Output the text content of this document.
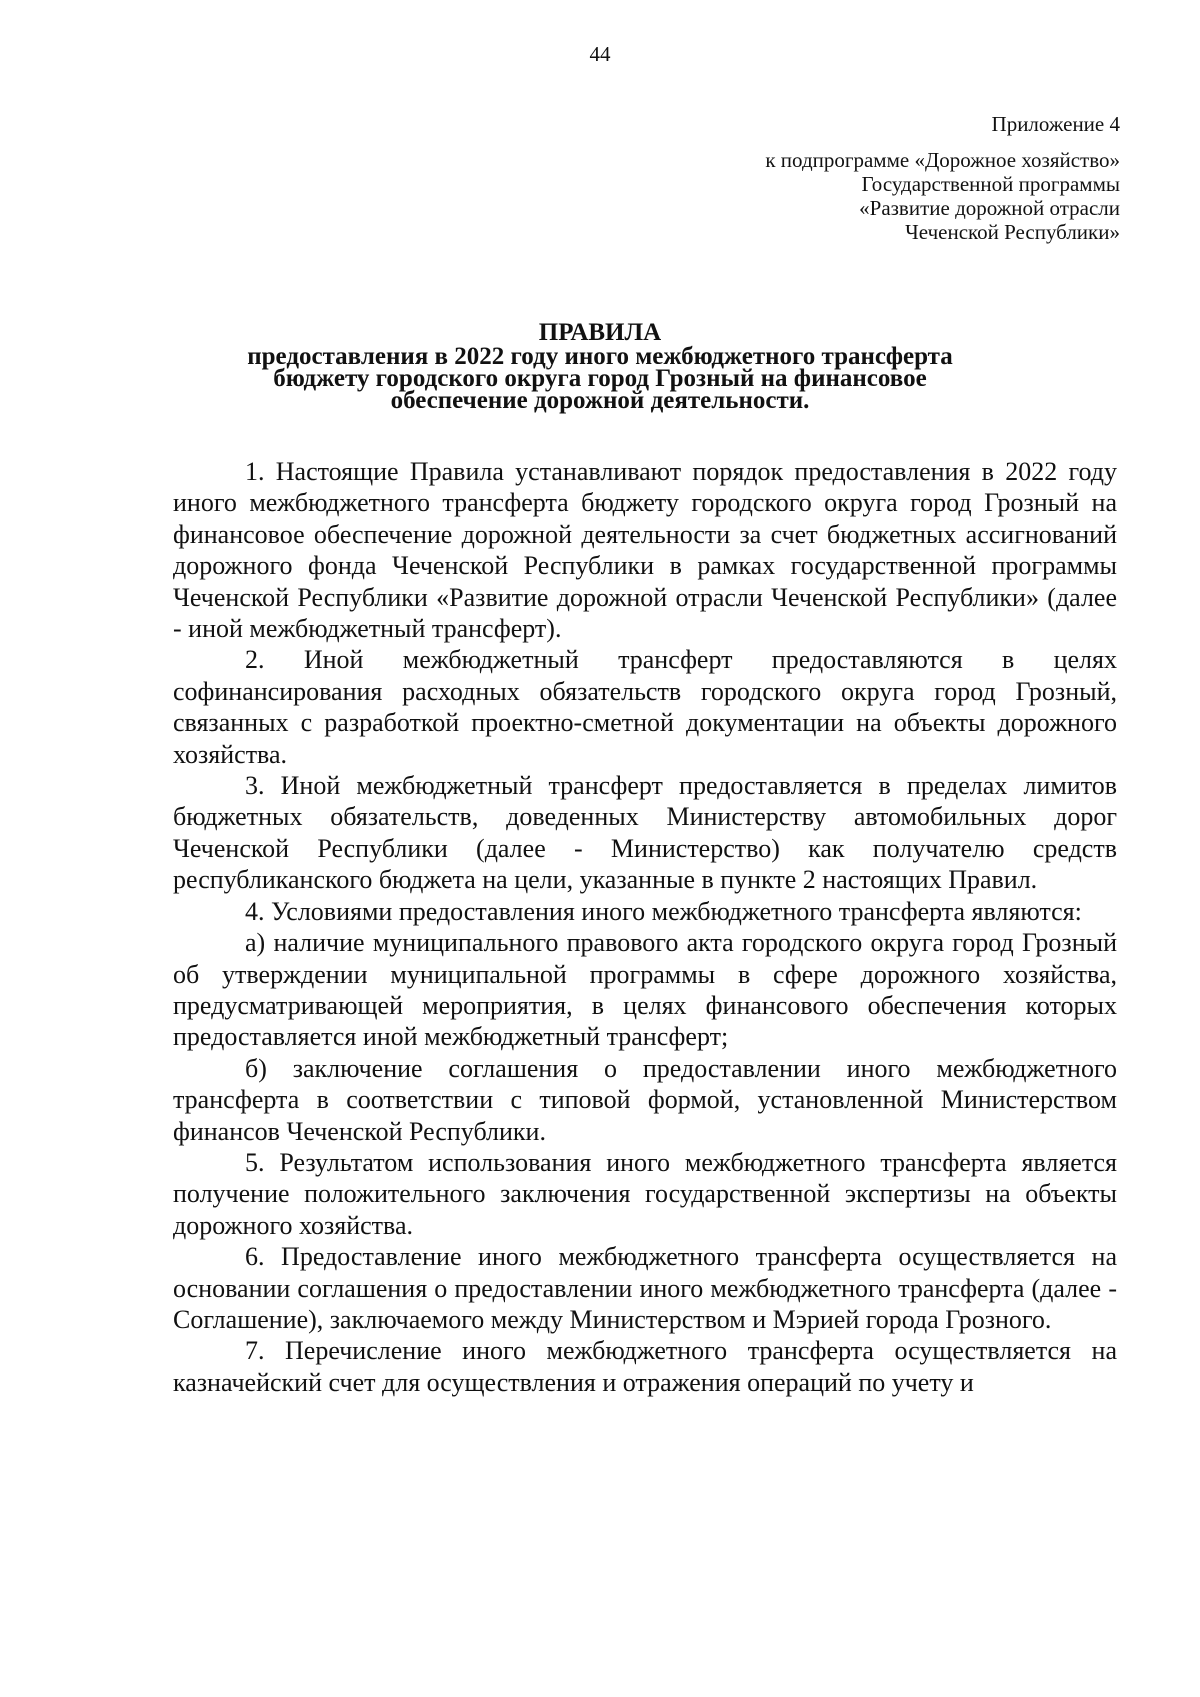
44
Приложение 4
к подпрограмме «Дорожное хозяйство»
Государственной программы
«Развитие дорожной отрасли
Чеченской Республики»
ПРАВИЛА
предоставления в 2022 году иного межбюджетного трансферта
бюджету городского округа город Грозный на финансовое
обеспечение дорожной деятельности.

1. Настоящие Правила устанавливают порядок предоставления в 2022 году иного межбюджетного трансферта бюджету городского округа город Грозный на финансовое обеспечение дорожной деятельности за счет бюджетных ассигнований дорожного фонда Чеченской Республики в рамках государственной программы Чеченской Республики «Развитие дорожной отрасли Чеченской Республики» (далее - иной межбюджетный трансферт).

2. Иной межбюджетный трансферт предоставляются в целях софинансирования расходных обязательств городского округа город Грозный, связанных с разработкой проектно-сметной документации на объекты дорожного хозяйства.

3. Иной межбюджетный трансферт предоставляется в пределах лимитов бюджетных обязательств, доведенных Министерству автомобильных дорог Чеченской Республики (далее - Министерство) как получателю средств республиканского бюджета на цели, указанные в пункте 2 настоящих Правил.

4. Условиями предоставления иного межбюджетного трансферта являются:

а) наличие муниципального правового акта городского округа город Грозный об утверждении муниципальной программы в сфере дорожного хозяйства, предусматривающей мероприятия, в целях финансового обеспечения которых предоставляется иной межбюджетный трансферт;

б) заключение соглашения о предоставлении иного межбюджетного трансферта в соответствии с типовой формой, установленной Министерством финансов Чеченской Республики.

5. Результатом использования иного межбюджетного трансферта является получение положительного заключения государственной экспертизы на объекты дорожного хозяйства.

6. Предоставление иного межбюджетного трансферта осуществляется на основании соглашения о предоставлении иного межбюджетного трансферта (далее - Соглашение), заключаемого между Министерством и Мэрией города Грозного.

7. Перечисление иного межбюджетного трансферта осуществляется на казначейский счет для осуществления и отражения операций по учету и
